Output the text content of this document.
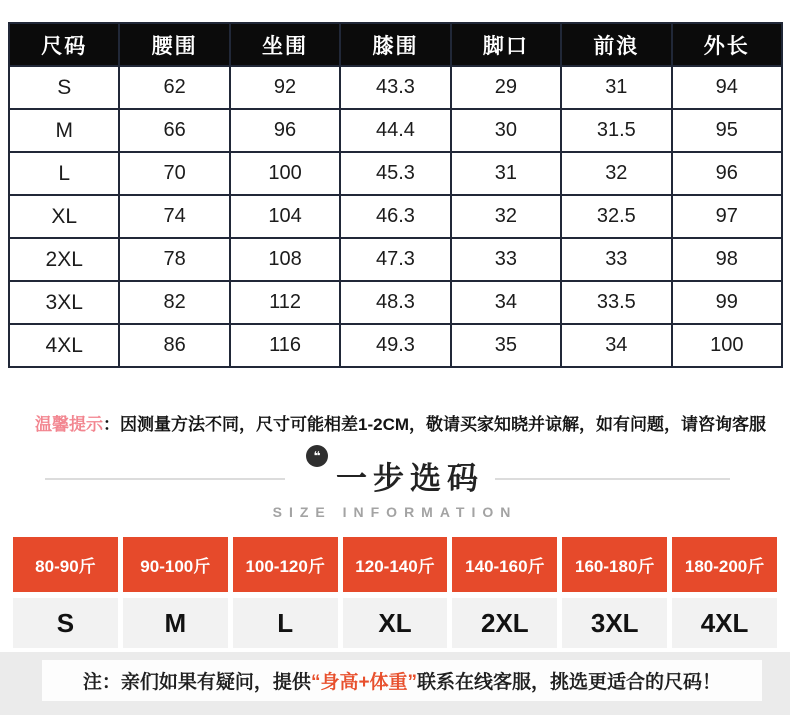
尺码	腰围	坐围	膝围	脚口	前浪	外长
S	62	92	43.3	29	31	94
M	66	96	44.4	30	31.5	95
L	70	100	45.3	31	32	96
XL	74	104	46.3	32	32.5	97
2XL	78	108	47.3	33	33	98
3XL	82	112	48.3	34	33.5	99
4XL	86	116	49.3	35	34	100
温馨提示：因测量方法不同，尺寸可能相差1-2CM，敬请买家知晓并谅解，如有问题，请咨询客服
❝一步选码
SIZE INFORMATION
80-90斤	90-100斤	100-120斤	120-140斤	140-160斤	160-180斤	180-200斤
S	M	L	XL	2XL	3XL	4XL
注：亲们如果有疑问，提供 “身高+体重” 联系在线客服，挑选更适合的尺码！
